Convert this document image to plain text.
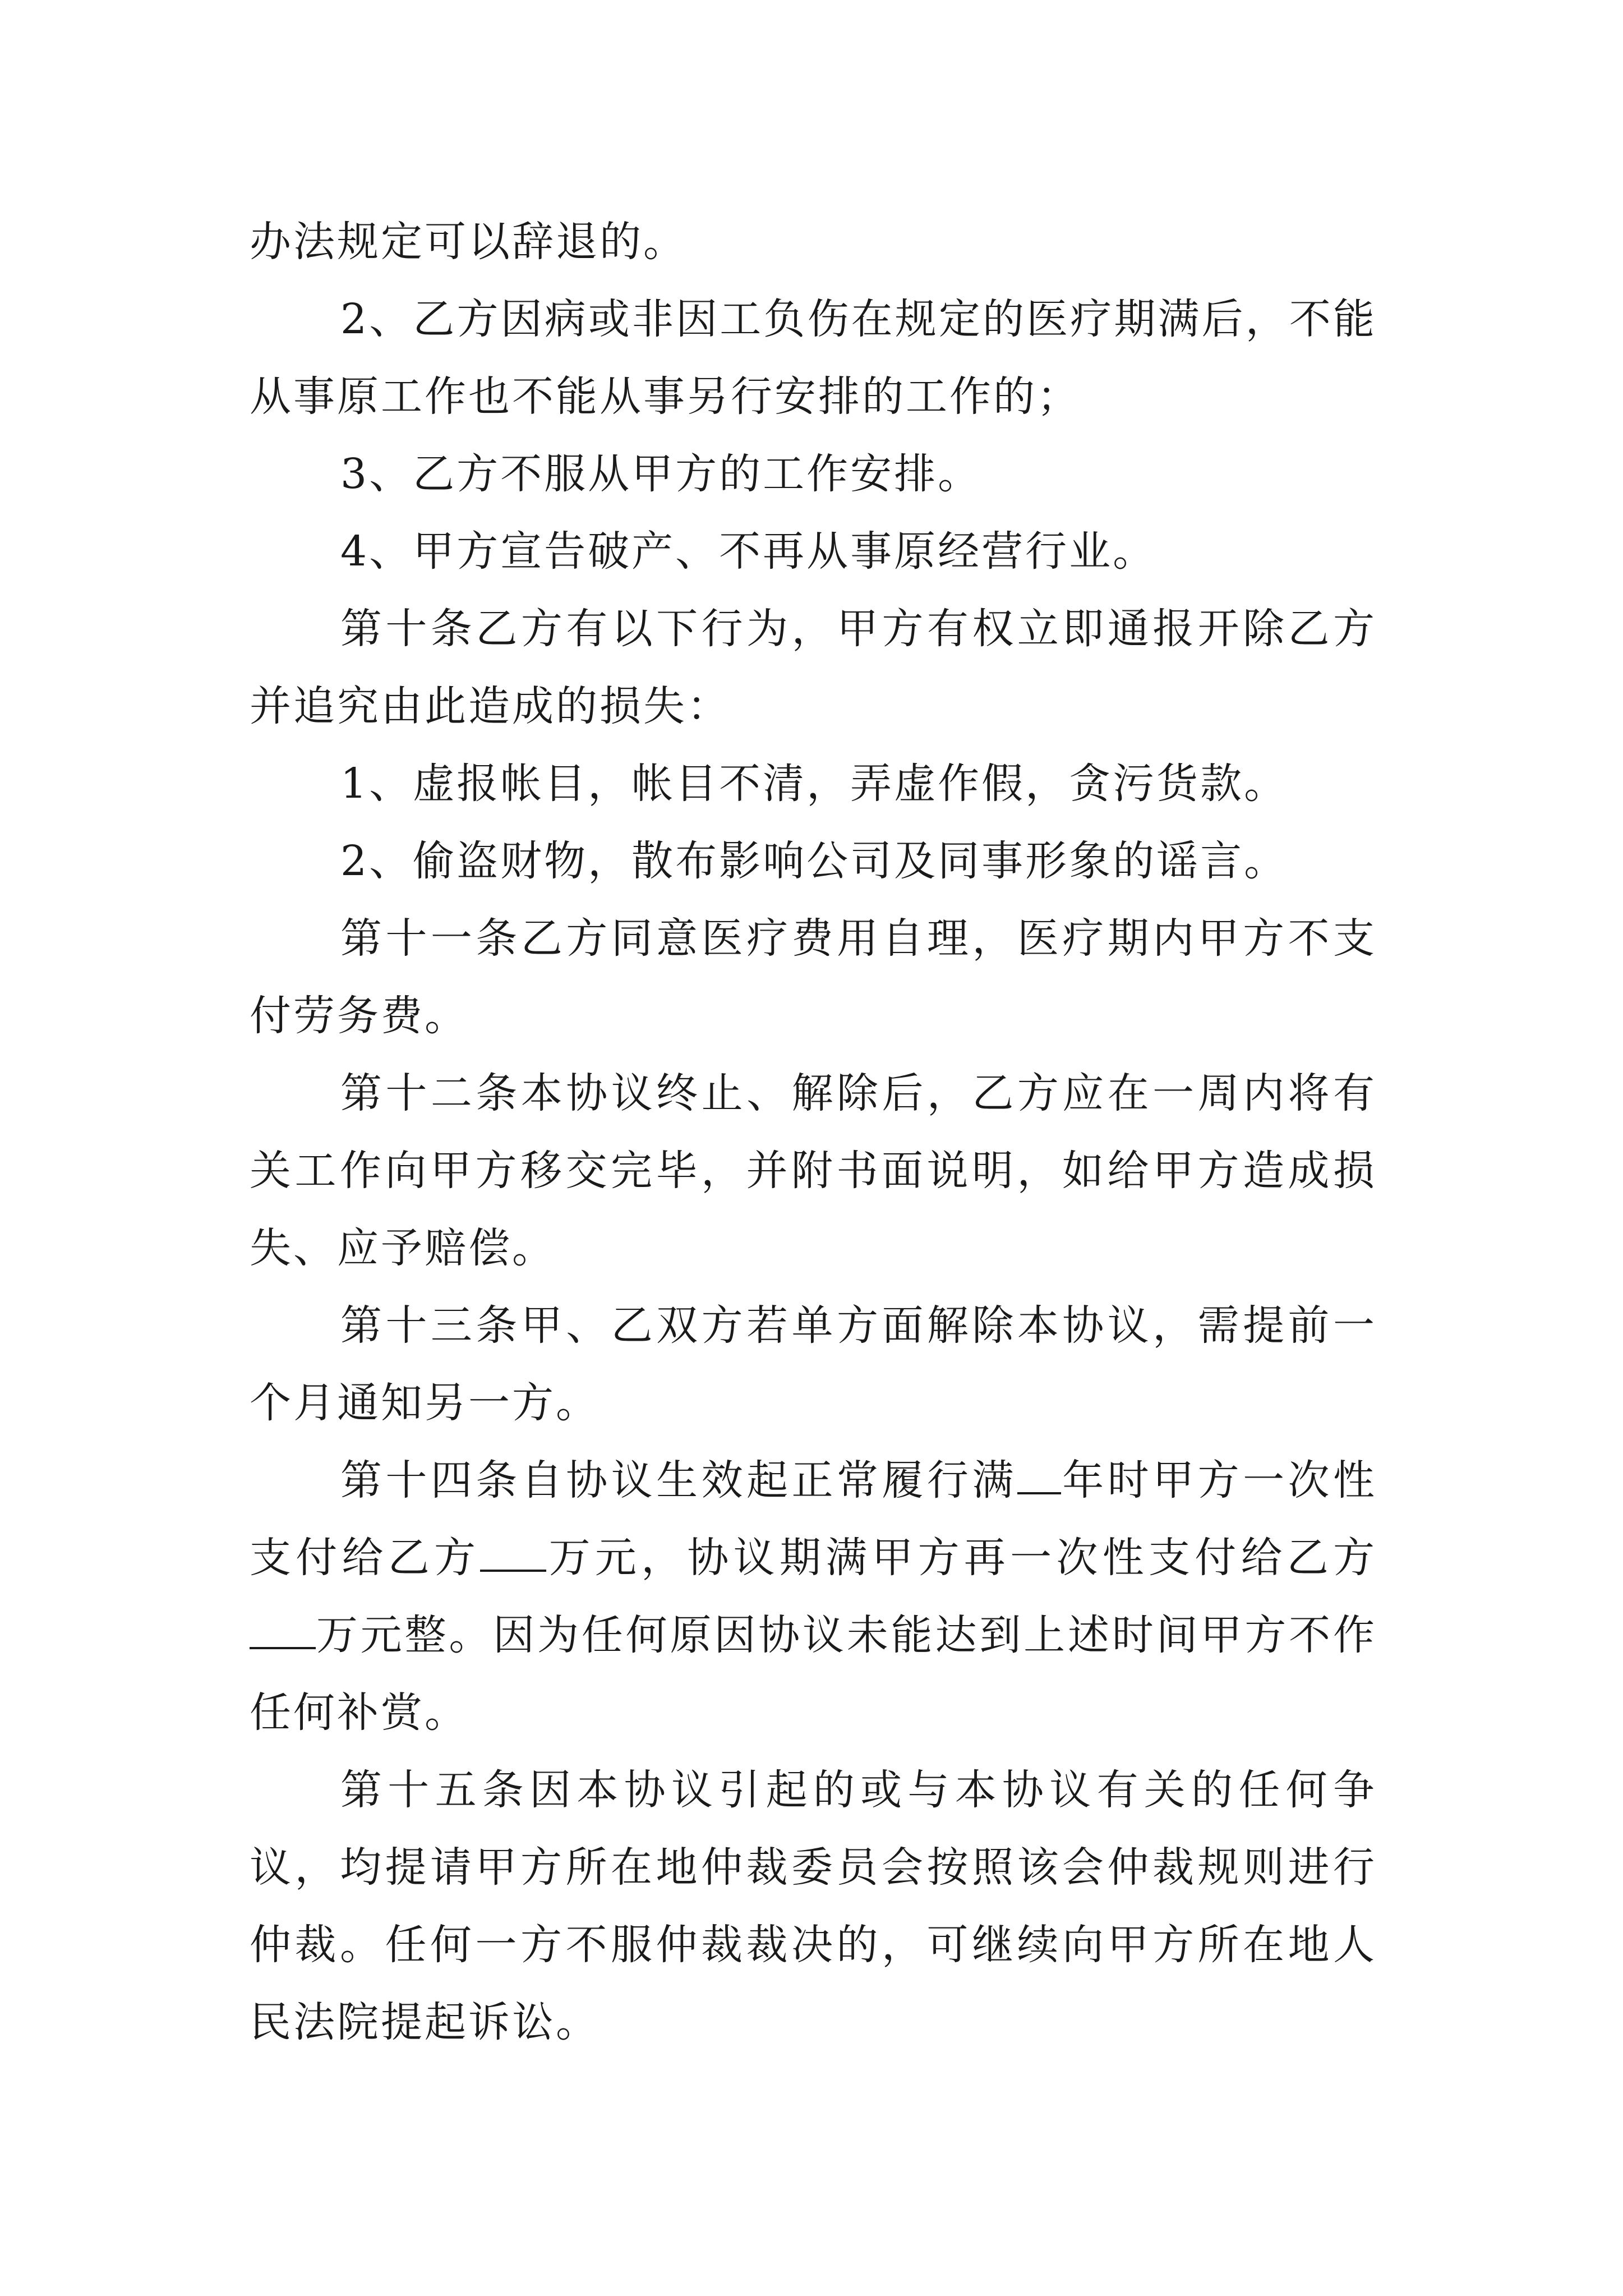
办法规定可以辞退的。

2、乙方因病或非因工负伤在规定的医疗期满后，不能从事原工作也不能从事另行安排的工作的；

3、乙方不服从甲方的工作安排。

4、甲方宣告破产、不再从事原经营行业。

第十条乙方有以下行为，甲方有权立即通报开除乙方并追究由此造成的损失：

1、虚报帐目，帐目不清，弄虚作假，贪污货款。

2、偷盗财物，散布影响公司及同事形象的谣言。

第十一条乙方同意医疗费用自理，医疗期内甲方不支付劳务费。

第十二条本协议终止、解除后，乙方应在一周内将有关工作向甲方移交完毕，并附书面说明，如给甲方造成损失、应予赔偿。

第十三条甲、乙双方若单方面解除本协议，需提前一个月通知另一方。

第十四条自协议生效起正常履行满 年时甲方一次性支付给乙方 万元，协议期满甲方再一次性支付给乙方万元整。因为任何原因协议未能达到上述时间甲方不作任何补赏。

第十五条因本协议引起的或与本协议有关的任何争议，均提请甲方所在地仲裁委员会按照该会仲裁规则进行仲裁。任何一方不服仲裁裁决的，可继续向甲方所在地人民法院提起诉讼。
